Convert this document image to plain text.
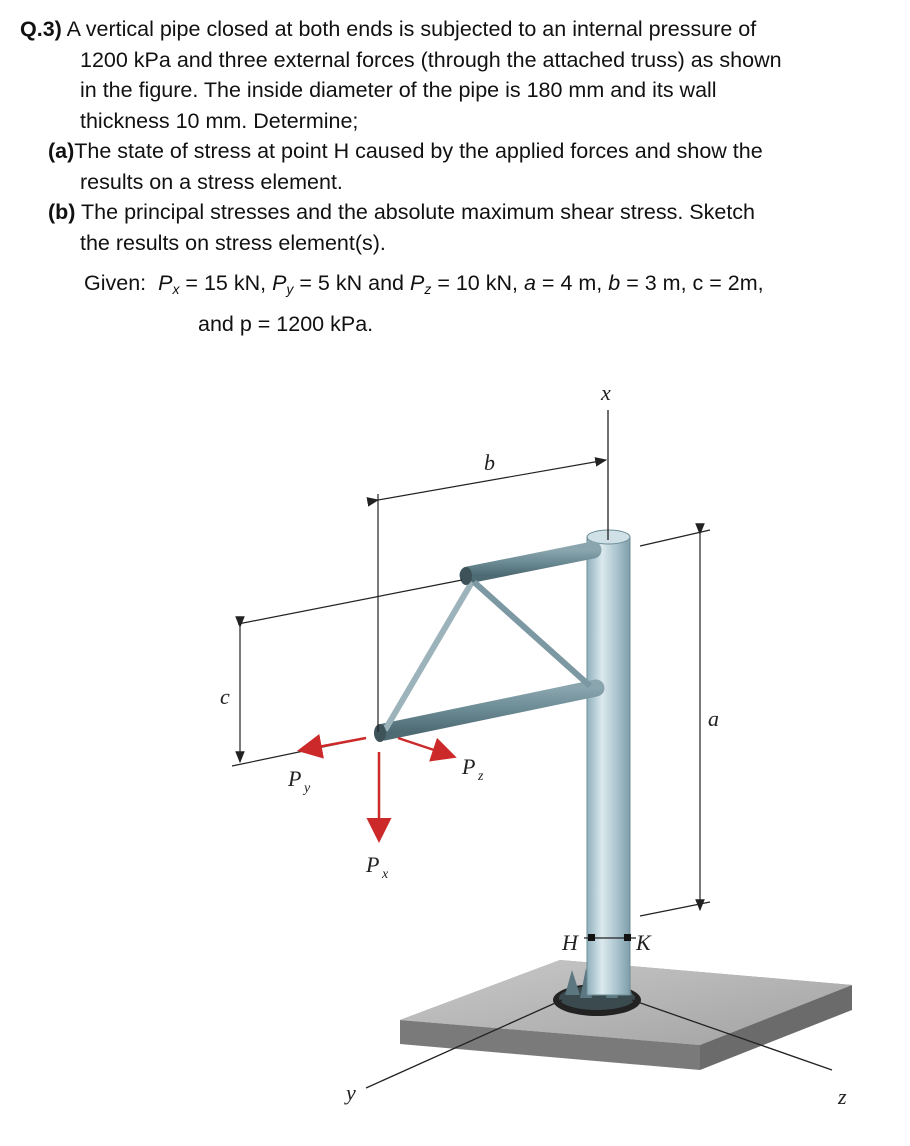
Q.3) A vertical pipe closed at both ends is subjected to an internal pressure of

1200 kPa and three external forces (through the attached truss) as shown

in the figure. The inside diameter of the pipe is 180 mm and its wall

thickness 10 mm. Determine;

(a)The state of stress at point H caused by the applied forces and show the
results on a stress element.

(b) The principal stresses and the absolute maximum shear stress. Sketch
the results on stress element(s).

Given: $P_x = 15$ kN, $P_y = 5$ kN and $P_z = 10$ kN, a = 4 m, b = 3 m, c = 2m,

and p = 1200 kPa.

b
c
a
P y
P z
P x
H	K
x
y	z
